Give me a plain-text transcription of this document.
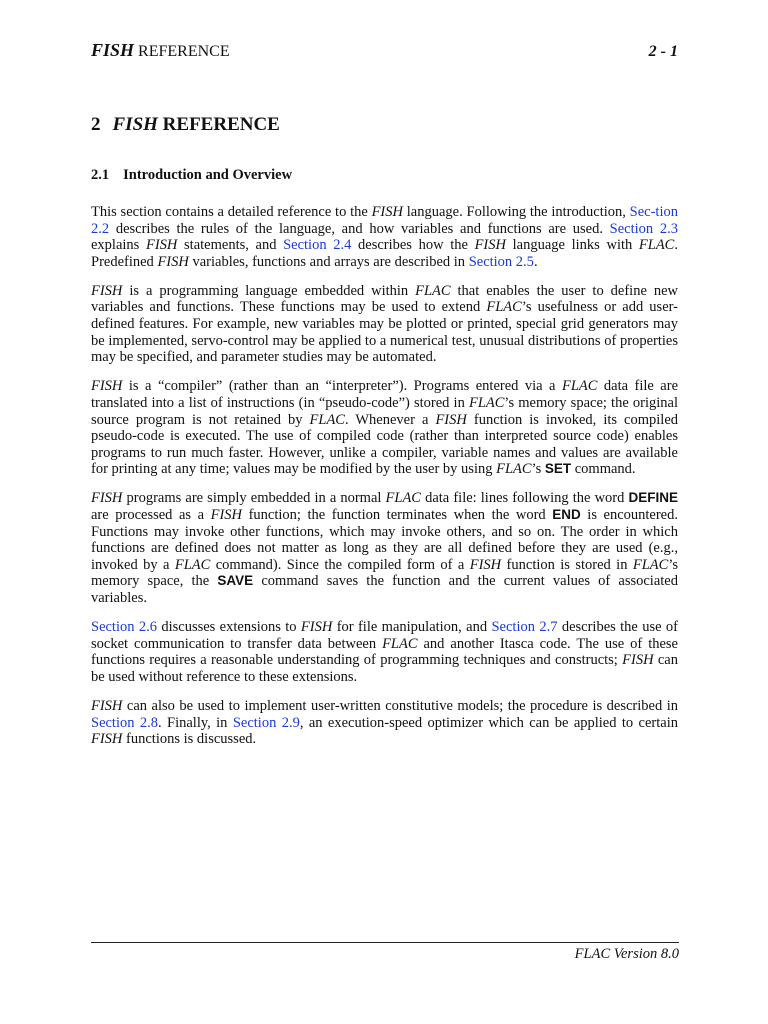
FISH REFERENCE	2 - 1
2 FISH REFERENCE
2.1 Introduction and Overview

This section contains a detailed reference to the FISH language. Following the introduction, Sec-tion 2.2 describes the rules of the language, and how variables and functions are used. Section 2.3 explains FISH statements, and Section 2.4 describes how the FISH language links with FLAC. Predefined FISH variables, functions and arrays are described in Section 2.5.

FISH is a programming language embedded within FLAC that enables the user to define new variables and functions. These functions may be used to extend FLAC’s usefulness or add user-defined features. For example, new variables may be plotted or printed, special grid generators may be implemented, servo-control may be applied to a numerical test, unusual distributions of properties may be specified, and parameter studies may be automated.

FISH is a “compiler” (rather than an “interpreter”). Programs entered via a FLAC data file are translated into a list of instructions (in “pseudo-code”) stored in FLAC’s memory space; the original source program is not retained by FLAC. Whenever a FISH function is invoked, its compiled pseudo-code is executed. The use of compiled code (rather than interpreted source code) enables programs to run much faster. However, unlike a compiler, variable names and values are available for printing at any time; values may be modified by the user by using FLAC’s SET command.

FISH programs are simply embedded in a normal FLAC data file: lines following the word DEFINE are processed as a FISH function; the function terminates when the word END is encountered. Functions may invoke other functions, which may invoke others, and so on. The order in which functions are defined does not matter as long as they are all defined before they are used (e.g., invoked by a FLAC command). Since the compiled form of a FISH function is stored in FLAC’s memory space, the SAVE command saves the function and the current values of associated variables.

Section 2.6 discusses extensions to FISH for file manipulation, and Section 2.7 describes the use of socket communication to transfer data between FLAC and another Itasca code. The use of these functions requires a reasonable understanding of programming techniques and constructs; FISH can be used without reference to these extensions.

FISH can also be used to implement user-written constitutive models; the procedure is described in Section 2.8. Finally, in Section 2.9, an execution-speed optimizer which can be applied to certain FISH functions is discussed.

FLAC Version 8.0
